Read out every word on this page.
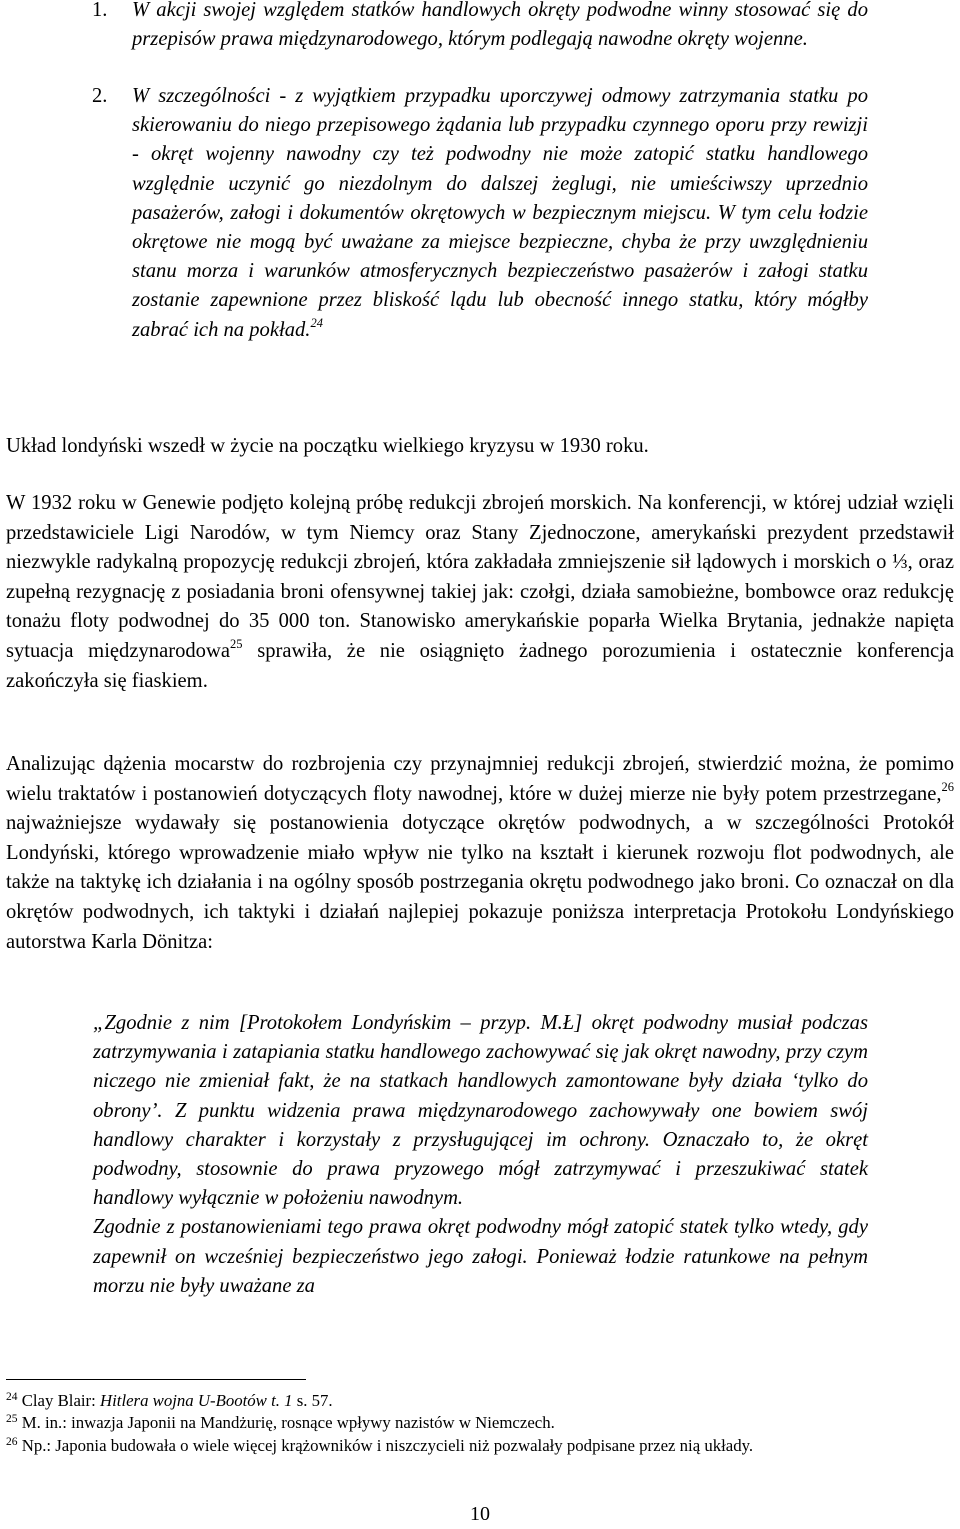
1. W akcji swojej względem statków handlowych okręty podwodne winny stosować się do przepisów prawa międzynarodowego, którym podlegają nawodne okręty wojenne.
2. W szczególności - z wyjątkiem przypadku uporczywej odmowy zatrzymania statku po skierowaniu do niego przepisowego żądania lub przypadku czynnego oporu przy rewizji - okręt wojenny nawodny czy też podwodny nie może zatopić statku handlowego względnie uczynić go niezdolnym do dalszej żeglugi, nie umieściwszy uprzednio pasażerów, załogi i dokumentów okrętowych w bezpiecznym miejscu. W tym celu łodzie okrętowe nie mogą być uważane za miejsce bezpieczne, chyba że przy uwzględnieniu stanu morza i warunków atmosferycznych bezpieczeństwo pasażerów i załogi statku zostanie zapewnione przez bliskość lądu lub obecność innego statku, który mógłby zabrać ich na pokład.$^{24}$
Układ londyński wszedł w życie na początku wielkiego kryzysu w 1930 roku.
W 1932 roku w Genewie podjęto kolejną próbę redukcji zbrojeń morskich. Na konferencji, w której udział wzięli przedstawiciele Ligi Narodów, w tym Niemcy oraz Stany Zjednoczone, amerykański prezydent przedstawił niezwykle radykalną propozycję redukcji zbrojeń, która zakładała zmniejszenie sił lądowych i morskich o ⅓, oraz zupełną rezygnację z posiadania broni ofensywnej takiej jak: czołgi, działa samobieżne, bombowce oraz redukcję tonażu floty podwodnej do 35 000 ton. Stanowisko amerykańskie poparła Wielka Brytania, jednakże napięta sytuacja międzynarodowa$^{25}$ sprawiła, że nie osiągnięto żadnego porozumienia i ostatecznie konferencja zakończyła się fiaskiem.
Analizując dążenia mocarstw do rozbrojenia czy przynajmniej redukcji zbrojeń, stwierdzić można, że pomimo wielu traktatów i postanowień dotyczących floty nawodnej, które w dużej mierze nie były potem przestrzegane,$^{26}$ najważniejsze wydawały się postanowienia dotyczące okrętów podwodnych, a w szczególności Protokół Londyński, którego wprowadzenie miało wpływ nie tylko na kształt i kierunek rozwoju flot podwodnych, ale także na taktykę ich działania i na ogólny sposób postrzegania okrętu podwodnego jako broni. Co oznaczał on dla okrętów podwodnych, ich taktyki i działań najlepiej pokazuje poniższa interpretacja Protokołu Londyńskiego autorstwa Karla Dönitza:

„Zgodnie z nim [Protokołem Londyńskim – przyp. M.Ł] okręt podwodny musiał podczas zatrzymywania i zatapiania statku handlowego zachowywać się jak okręt nawodny, przy czym niczego nie zmieniał fakt, że na statkach handlowych zamontowane były działa ‘tylko do obrony’. Z punktu widzenia prawa międzynarodowego zachowywały one bowiem swój handlowy charakter i korzystały z przysługującej im ochrony. Oznaczało to, że okręt podwodny, stosownie do prawa pryzowego mógł zatrzymywać i przeszukiwać statek handlowy wyłącznie w położeniu nawodnym.

Zgodnie z postanowieniami tego prawa okręt podwodny mógł zatopić statek tylko wtedy, gdy zapewnił on wcześniej bezpieczeństwo jego załogi. Ponieważ łodzie ratunkowe na pełnym morzu nie były uważane za

$^{24}$ Clay Blair: Hitlera wojna U-Bootów t. 1 s. 57.
$^{25}$ M. in.: inwazja Japonii na Mandżurię, rosnące wpływy nazistów w Niemczech.
$^{26}$ Np.: Japonia budowała o wiele więcej krążowników i niszczycieli niż pozwalały podpisane przez nią układy.
10
